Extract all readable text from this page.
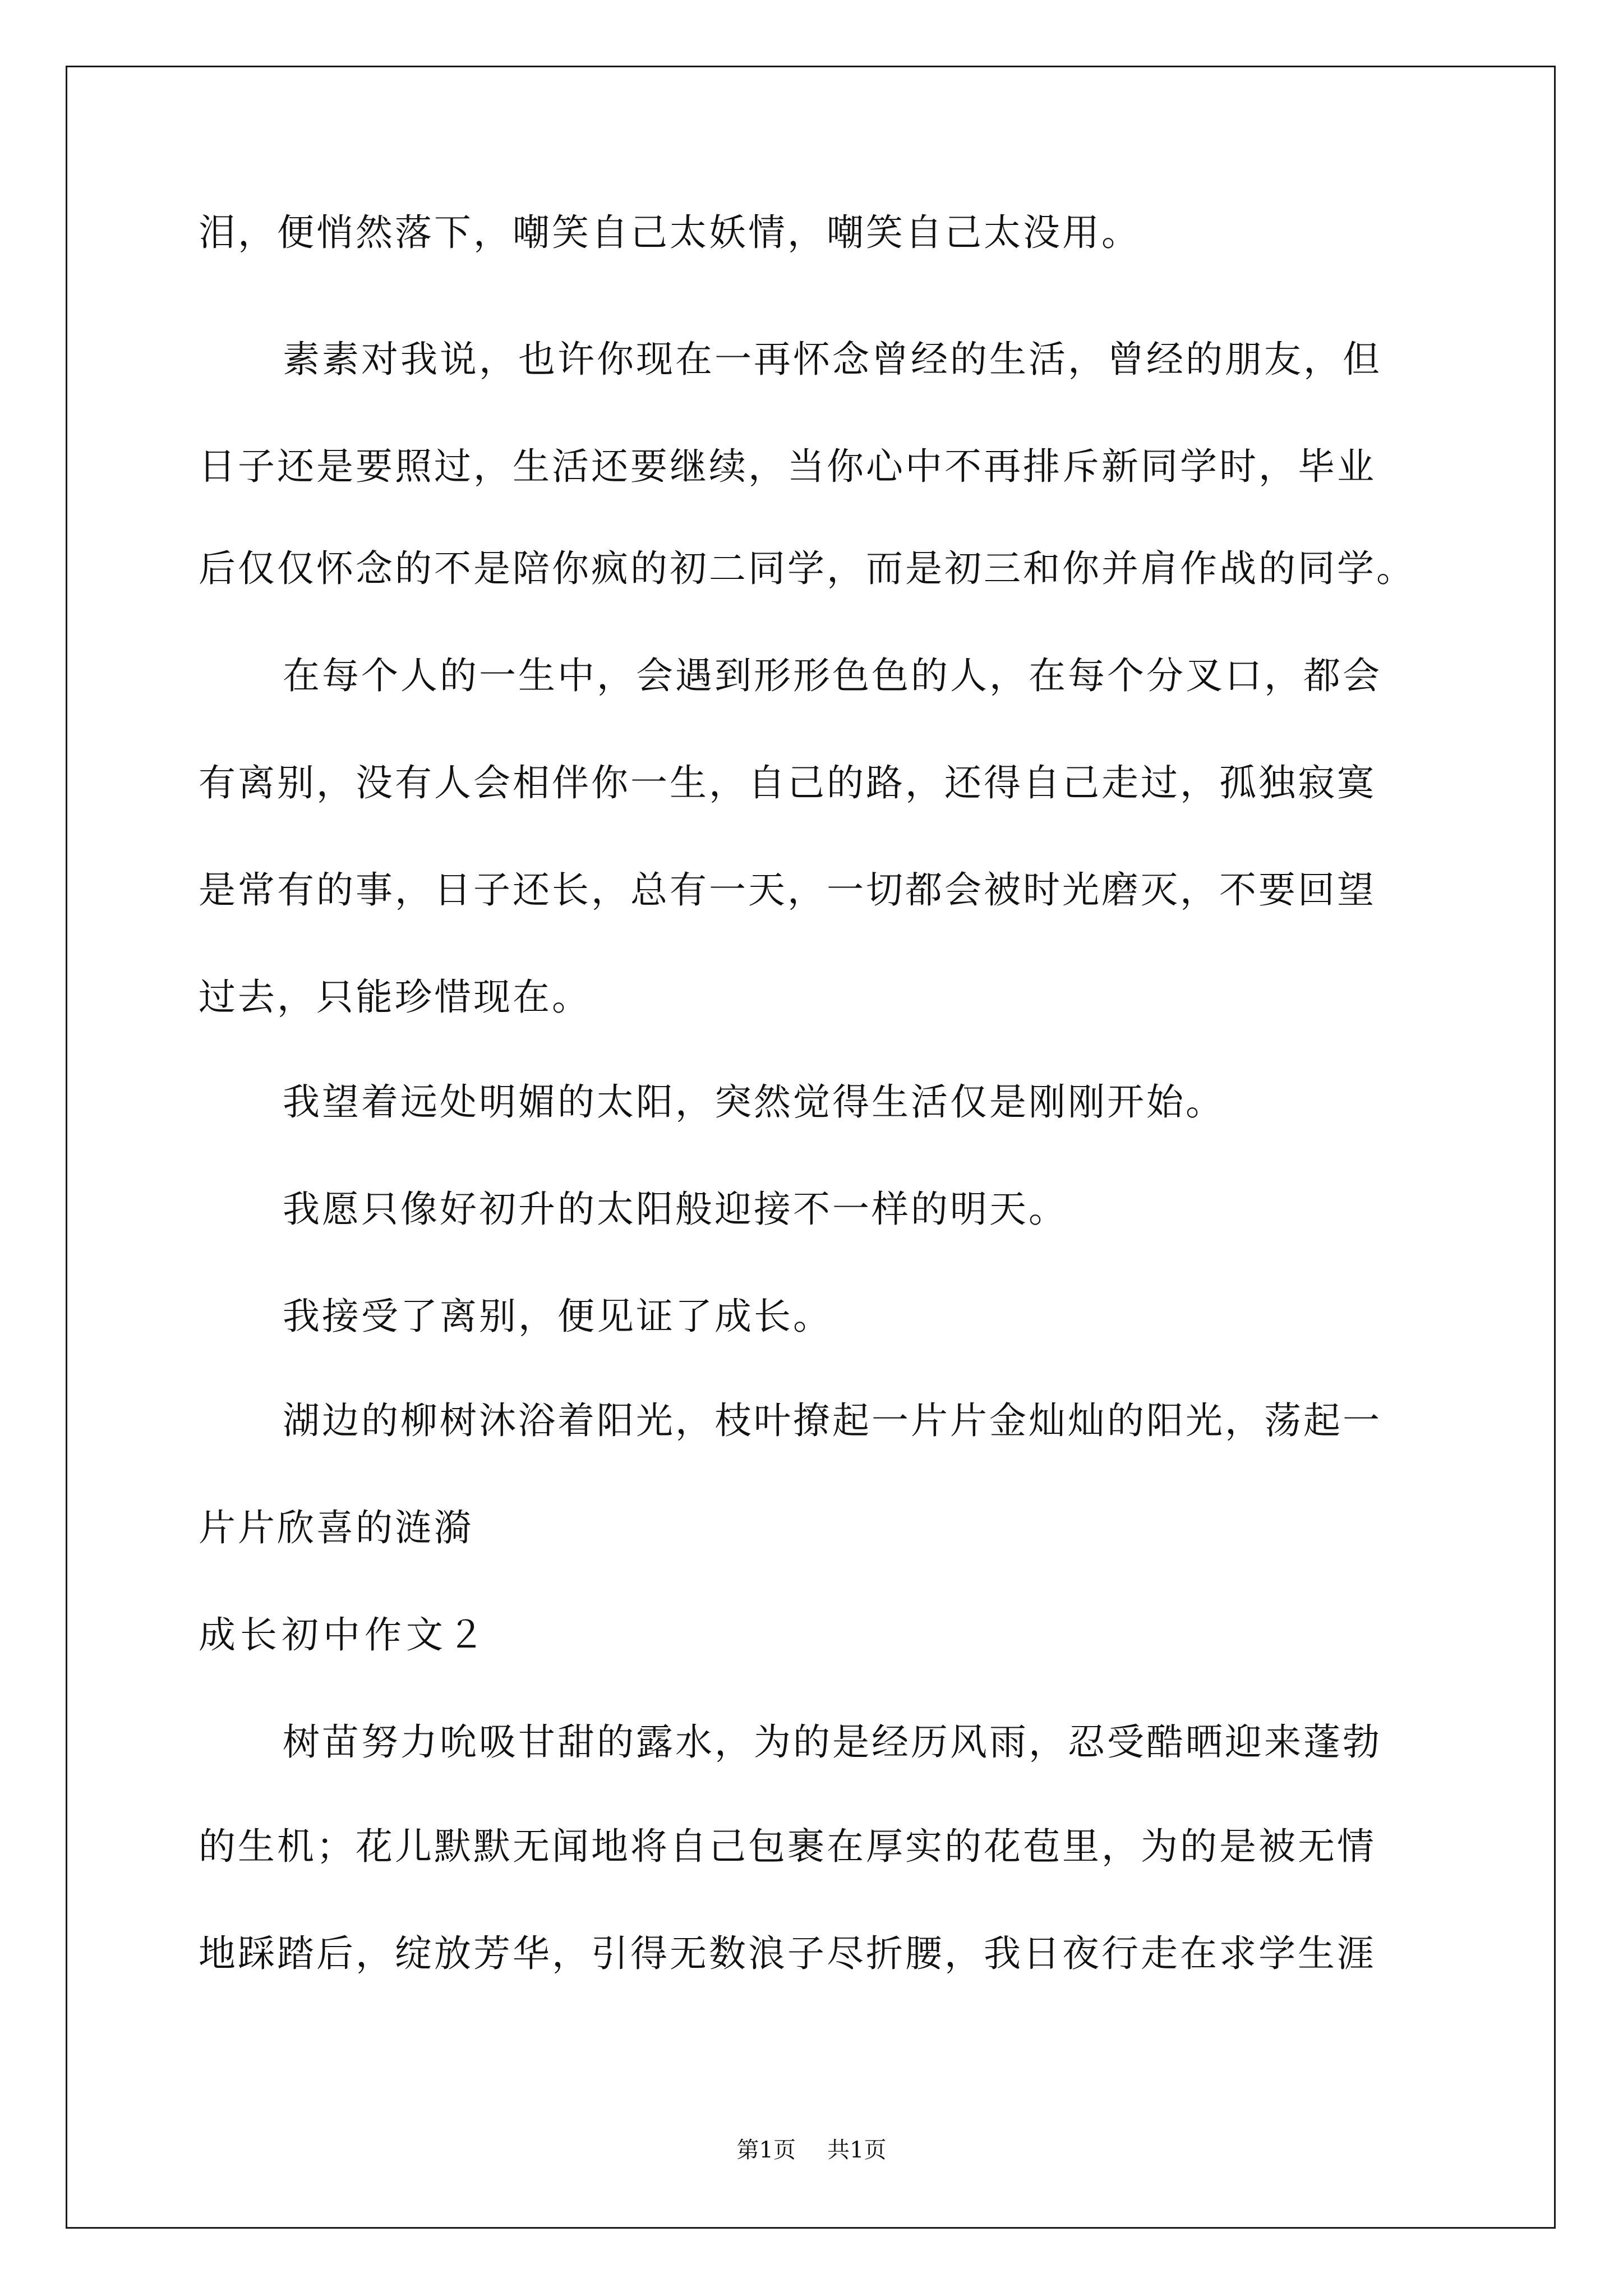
泪，便悄然落下，嘲笑自己太妖情，嘲笑自己太没用。
素素对我说，也许你现在一再怀念曾经的生活，曾经的朋友，但
日子还是要照过，生活还要继续，当你心中不再排斥新同学时，毕业
后仅仅怀念的不是陪你疯的初二同学，而是初三和你并肩作战的同学。
在每个人的一生中，会遇到形形色色的人，在每个分叉口，都会
有离别，没有人会相伴你一生，自己的路，还得自己走过，孤独寂寞
是常有的事，日子还长，总有一天，一切都会被时光磨灭，不要回望
过去，只能珍惜现在。
我望着远处明媚的太阳，突然觉得生活仅是刚刚开始。
我愿只像好初升的太阳般迎接不一样的明天。
我接受了离别，便见证了成长。
湖边的柳树沐浴着阳光，枝叶撩起一片片金灿灿的阳光，荡起一
片片欣喜的涟漪
成长初中作文２
树苗努力吮吸甘甜的露水，为的是经历风雨，忍受酷晒迎来蓬勃
的生机；花儿默默无闻地将自己包裹在厚实的花苞里，为的是被无情
地踩踏后，绽放芳华，引得无数浪子尽折腰，我日夜行走在求学生涯
第1页 共1页
